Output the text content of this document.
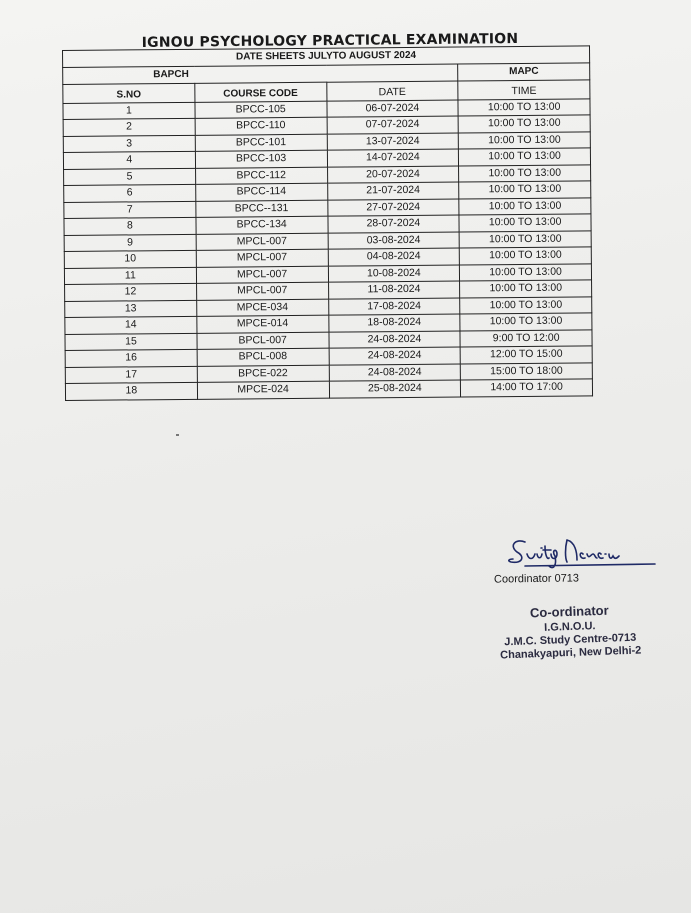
IGNOU PSYCHOLOGY PRACTICAL EXAMINATION
DATE SHEETS JULYTO AUGUST 2024			
BAPCH			MAPC
S.NO	COURSE CODE	DATE	TIME
1	BPCC-105	06-07-2024	10:00 TO 13:00
2	BPCC-110	07-07-2024	10:00 TO 13:00
3	BPCC-101	13-07-2024	10:00 TO 13:00
4	BPCC-103	14-07-2024	10:00 TO 13:00
5	BPCC-112	20-07-2024	10:00 TO 13:00
6	BPCC-114	21-07-2024	10:00 TO 13:00
7	BPCC--131	27-07-2024	10:00 TO 13:00
8	BPCC-134	28-07-2024	10:00 TO 13:00
9	MPCL-007	03-08-2024	10:00 TO 13:00
10	MPCL-007	04-08-2024	10:00 TO 13:00
11	MPCL-007	10-08-2024	10:00 TO 13:00
12	MPCL-007	11-08-2024	10:00 TO 13:00
13	MPCE-034	17-08-2024	10:00 TO 13:00
14	MPCE-014	18-08-2024	10:00 TO 13:00
15	BPCL-007	24-08-2024	9:00 TO 12:00
16	BPCL-008	24-08-2024	12:00 TO 15:00
17	BPCE-022	24-08-2024	15:00 TO 18:00
18	MPCE-024	25-08-2024	14:00 TO 17:00
Coordinator 0713
Co-ordinator
I.G.N.O.U.
J.M.C. Study Centre-0713
Chanakyapuri, New Delhi-2
